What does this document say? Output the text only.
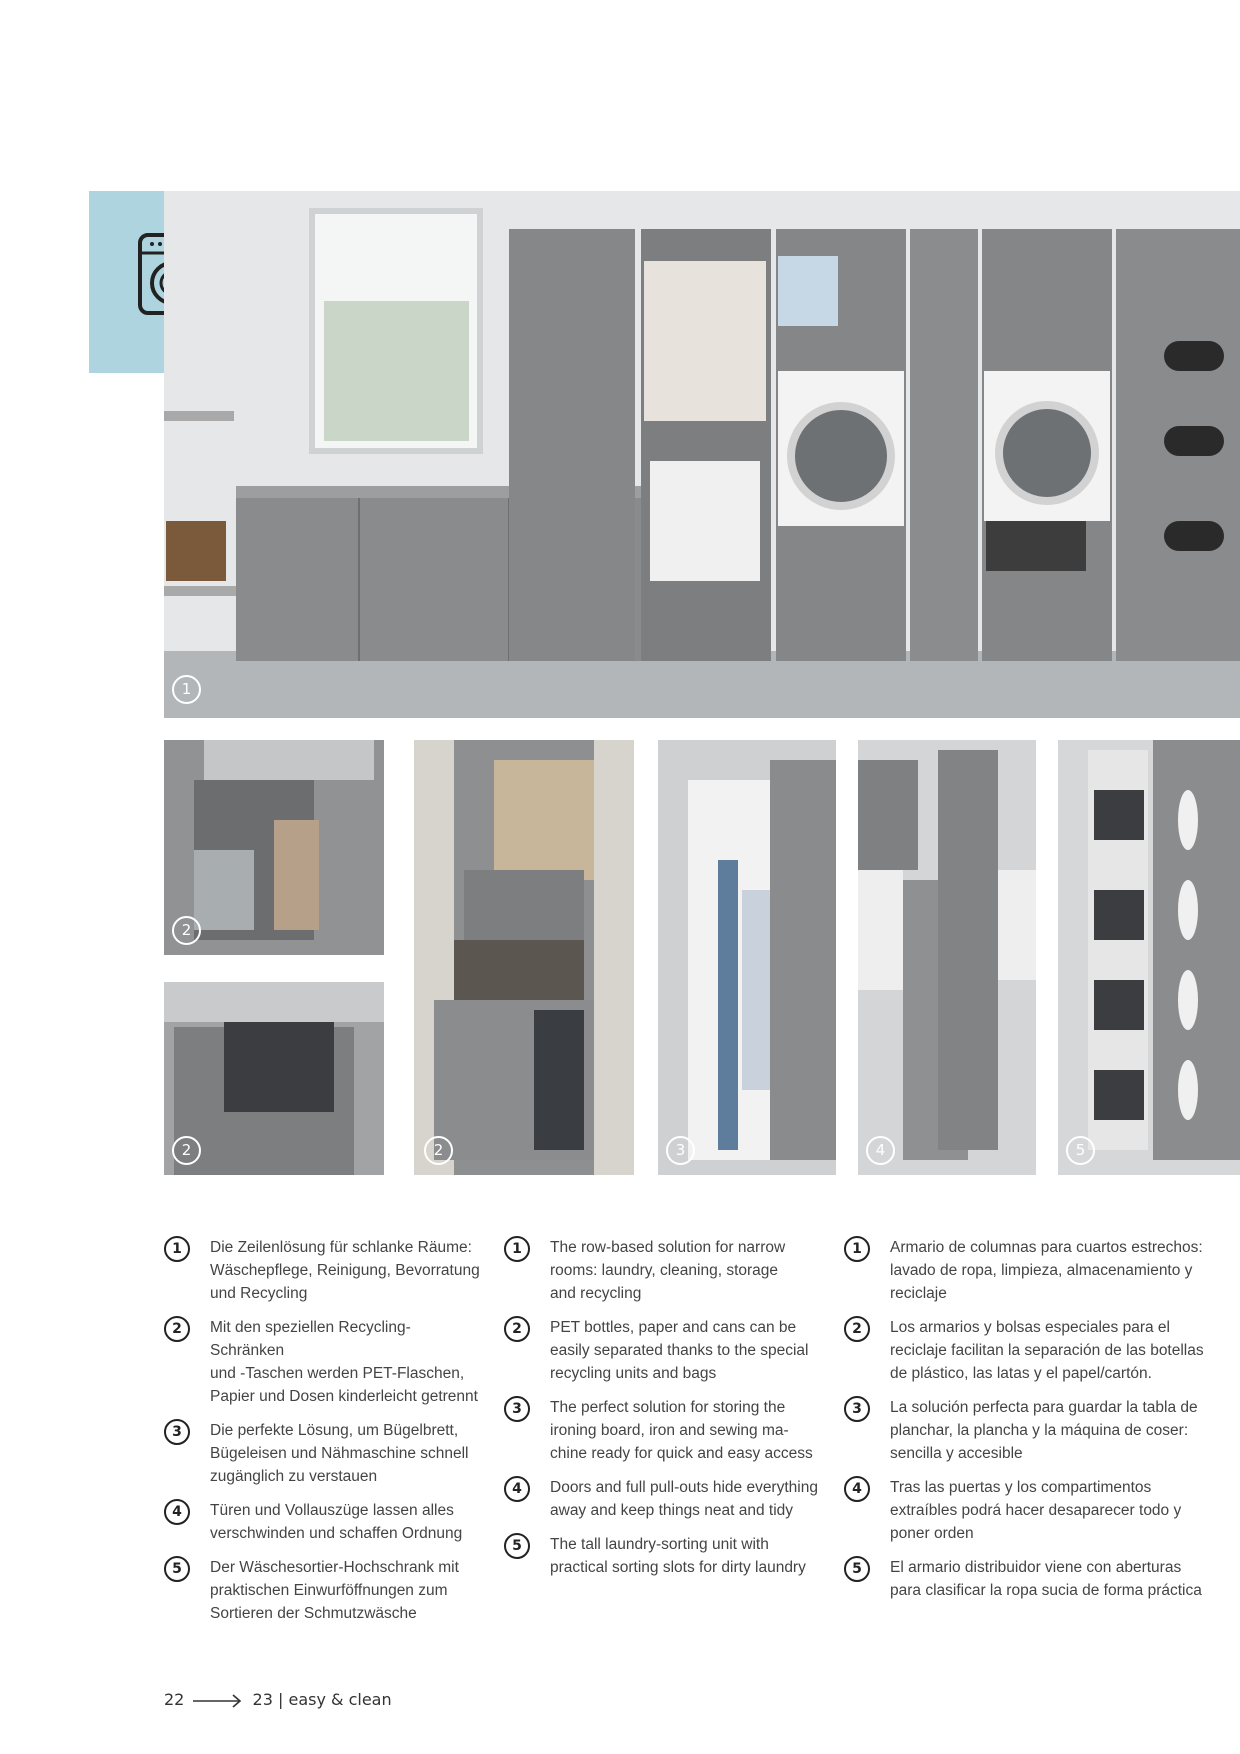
1
2
2	2	3	4	5
1	Die Zeilenlösung für schlanke Räume:
Wäschepflege, Reinigung, Bevorratung
und Recycling
2	Mit den speziellen Recycling-Schränken
und -Taschen werden PET-Flaschen,
Papier und Dosen kinderleicht getrennt
3	Die perfekte Lösung, um Bügelbrett,
Bügeleisen und Nähmaschine schnell
zugänglich zu verstauen
4	Türen und Vollauszüge lassen alles
verschwinden und schaffen Ordnung
5	Der Wäschesortier-Hochschrank mit
praktischen Einwurföffnungen zum
Sortieren der Schmutzwäsche
1	The row-based solution for narrow
rooms: laundry, cleaning, storage
and recycling
2	PET bottles, paper and cans can be
easily separated thanks to the special
recycling units and bags
3	The perfect solution for storing the
ironing board, iron and sewing ma-
chine ready for quick and easy access
4	Doors and full pull-outs hide everything
away and keep things neat and tidy
5	The tall laundry-sorting unit with
practical sorting slots for dirty laundry
1	Armario de columnas para cuartos estrechos:
lavado de ropa, limpieza, almacenamiento y
reciclaje
2	Los armarios y bolsas especiales para el
reciclaje facilitan la separación de las botellas
de plástico, las latas y el papel/cartón.
3	La solución perfecta para guardar la tabla de
planchar, la plancha y la máquina de coser:
sencilla y accesible
4	Tras las puertas y los compartimentos
extraíbles podrá hacer desaparecer todo y
poner orden
5	El armario distribuidor viene con aberturas
para clasificar la ropa sucia de forma práctica
22	23 | easy & clean
